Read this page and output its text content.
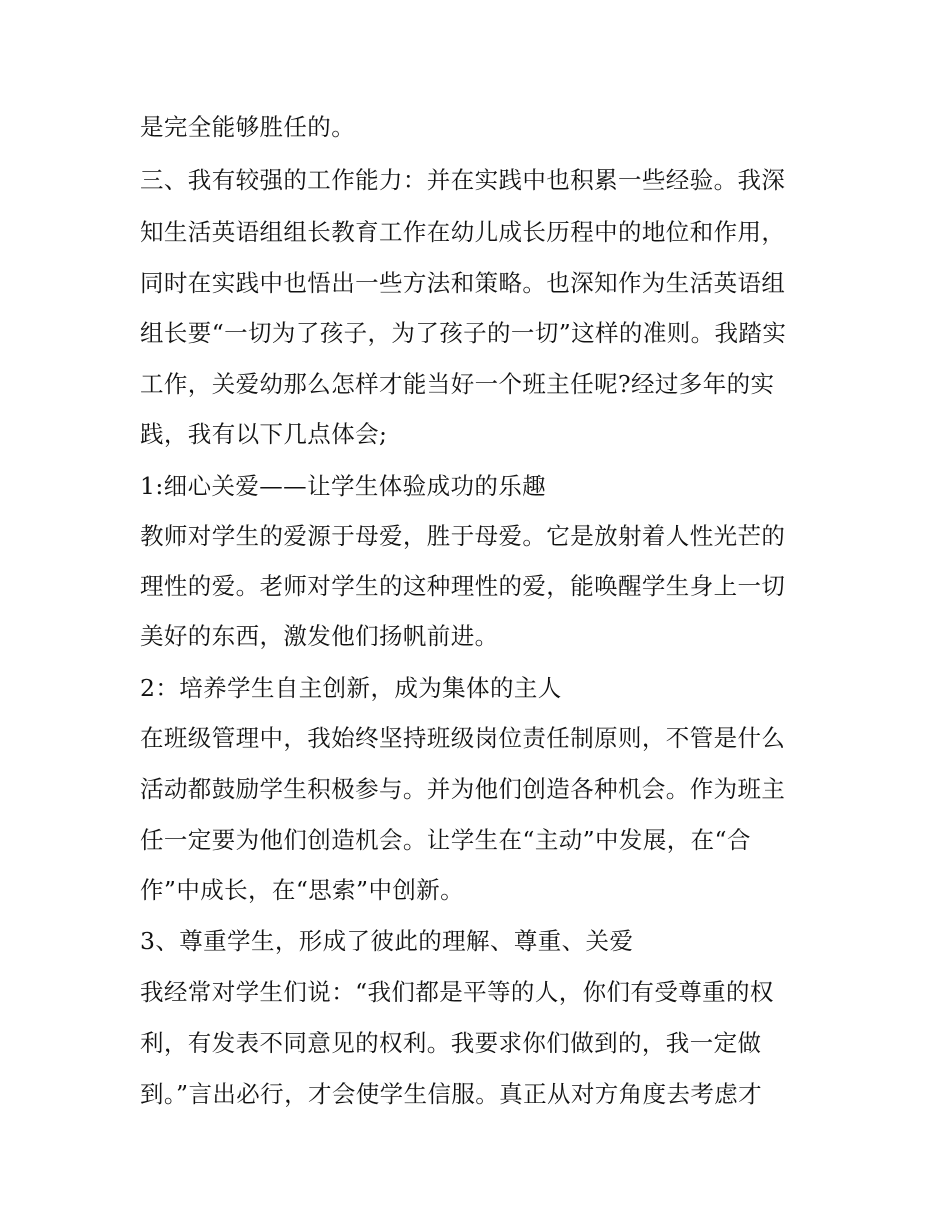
是完全能够胜任的。
三、我有较强的工作能力：并在实践中也积累一些经验。我深
知生活英语组组长教育工作在幼儿成长历程中的地位和作用，
同时在实践中也悟出一些方法和策略。也深知作为生活英语组
组长要“一切为了孩子，为了孩子的一切”这样的准则。我踏实
工作，关爱幼那么怎样才能当好一个班主任呢?经过多年的实
践，我有以下几点体会;
1:细心关爱——让学生体验成功的乐趣
教师对学生的爱源于母爱，胜于母爱。它是放射着人性光芒的
理性的爱。老师对学生的这种理性的爱，能唤醒学生身上一切
美好的东西，激发他们扬帆前进。
2：培养学生自主创新，成为集体的主人
在班级管理中，我始终坚持班级岗位责任制原则，不管是什么
活动都鼓励学生积极参与。并为他们创造各种机会。作为班主
任一定要为他们创造机会。让学生在“主动”中发展，在“合
作”中成长，在“思索”中创新。
3、尊重学生，形成了彼此的理解、尊重、关爱
我经常对学生们说：“我们都是平等的人，你们有受尊重的权
利，有发表不同意见的权利。我要求你们做到的，我一定做
到。”言出必行，才会使学生信服。真正从对方角度去考虑才
